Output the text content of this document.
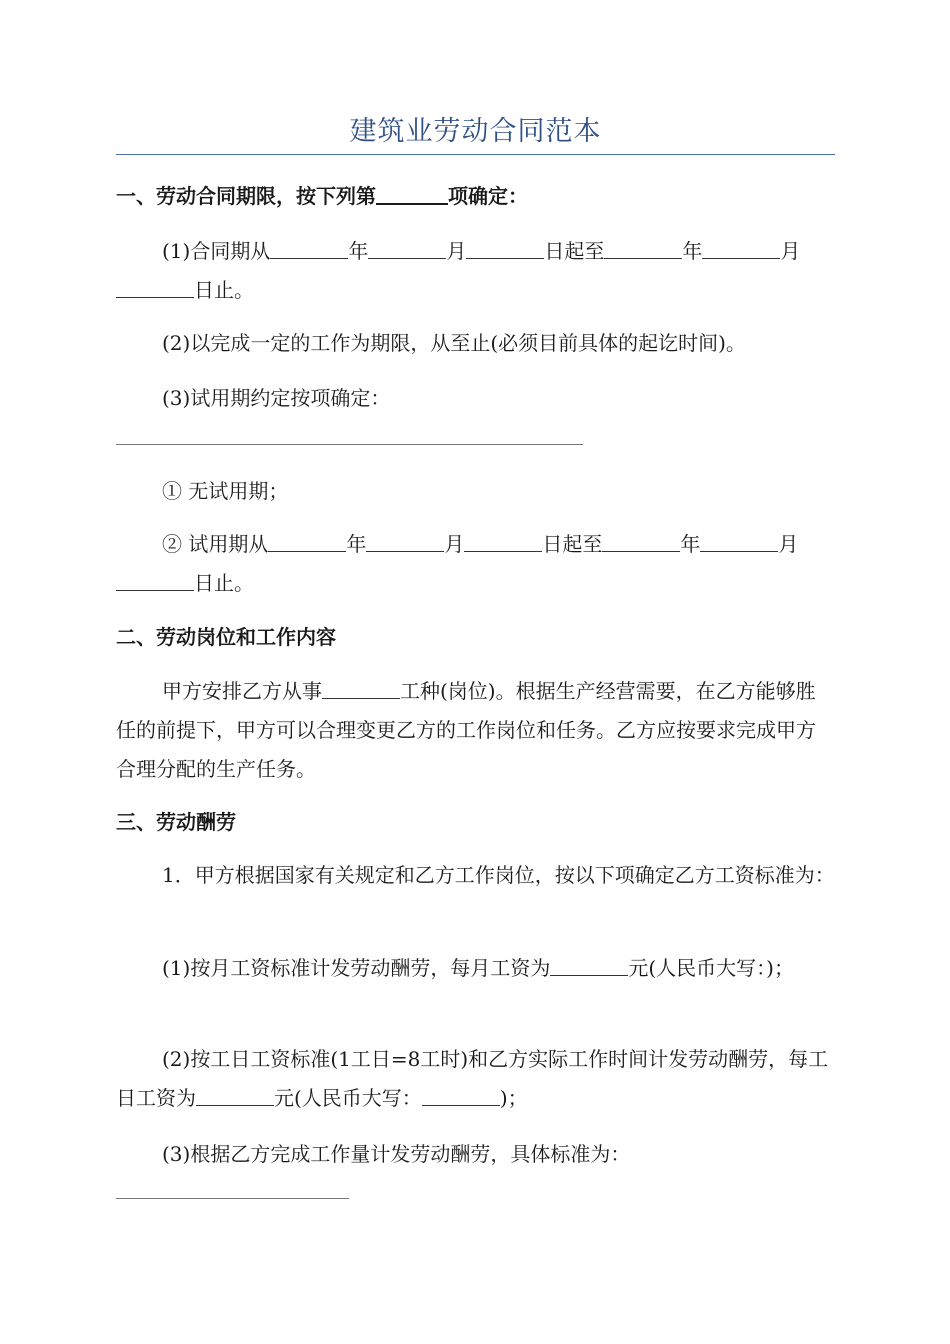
建筑业劳动合同范本
一、劳动合同期限，按下列第	项确定：
(1)合同期从	年	月	日起至	年	月日止。
(2)以完成一定的工作为期限，从至止(必须目前具体的起讫时间)。
(3)试用期约定按项确定：
① 无试用期；
② 试用期从	年	月	日起至	年	月日止。
二、劳动岗位和工作内容
甲方安排乙方从事	工种(岗位)。根据生产经营需要，在乙方能够胜任的前提下，甲方可以合理变更乙方的工作岗位和任务。乙方应按要求完成甲方合理分配的生产任务。
三、劳动酬劳
1．甲方根据国家有关规定和乙方工作岗位，按以下项确定乙方工资标准为：
(1)按月工资标准计发劳动酬劳，每月工资为	元(人民币大写：)；
(2)按工日工资标准(1工日=8工时)和乙方实际工作时间计发劳动酬劳，每工日工资为	元(人民币大写：	)；
(3)根据乙方完成工作量计发劳动酬劳，具体标准为：
